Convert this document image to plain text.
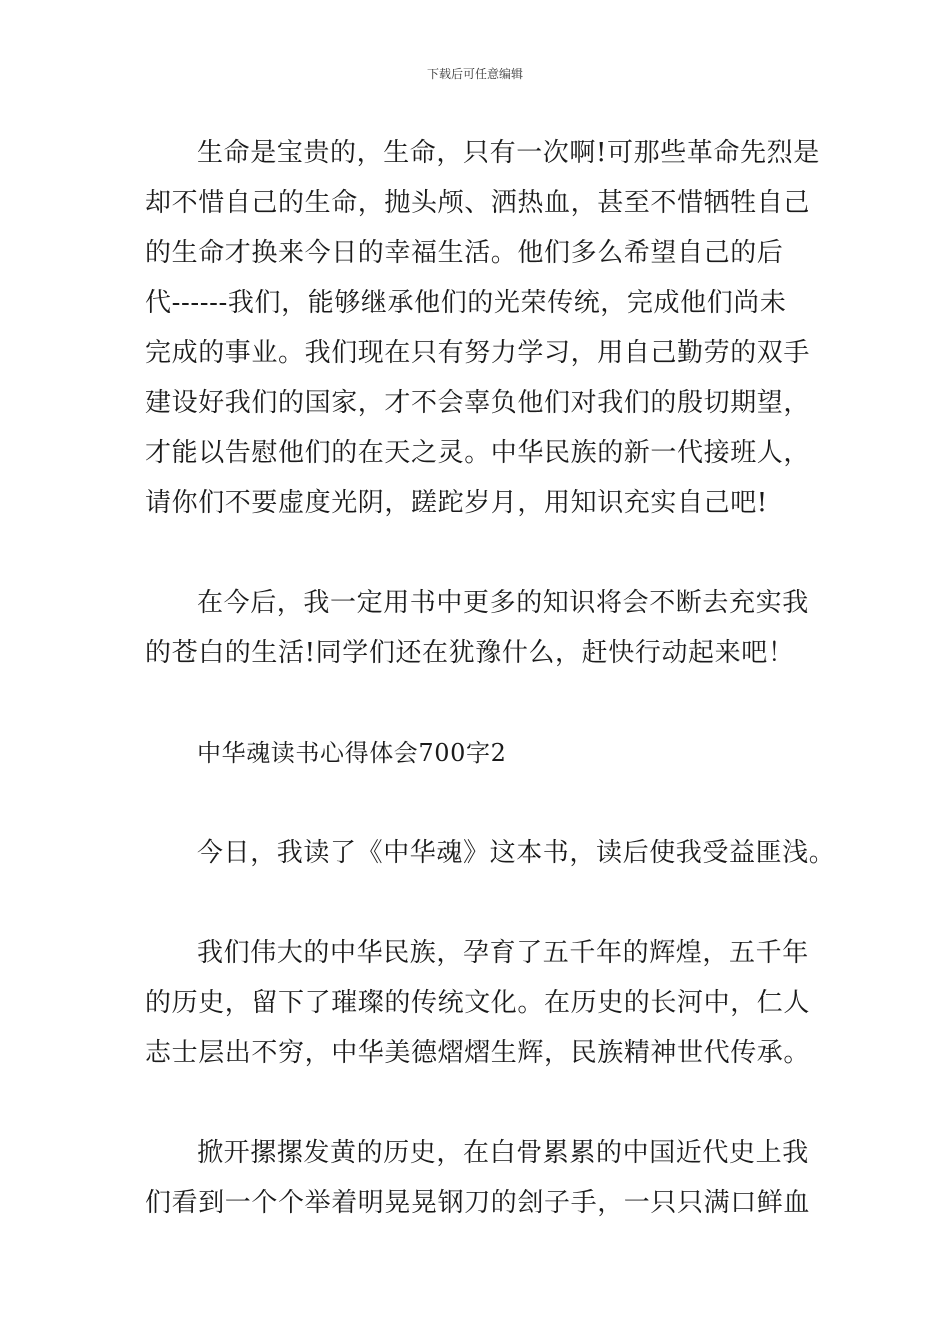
下载后可任意编辑
生命是宝贵的，生命，只有一次啊!可那些革命先烈是
却不惜自己的生命，抛头颅、洒热血，甚至不惜牺牲自己
的生命才换来今日的幸福生活。他们多么希望自己的后
代------我们，能够继承他们的光荣传统，完成他们尚未
完成的事业。我们现在只有努力学习，用自己勤劳的双手
建设好我们的国家，才不会辜负他们对我们的殷切期望，
才能以告慰他们的在天之灵。中华民族的新一代接班人，
请你们不要虚度光阴，蹉跎岁月，用知识充实自己吧!
在今后，我一定用书中更多的知识将会不断去充实我
的苍白的生活!同学们还在犹豫什么，赶快行动起来吧！
中华魂读书心得体会700字2
今日，我读了《中华魂》这本书，读后使我受益匪浅。
我们伟大的中华民族，孕育了五千年的辉煌，五千年
的历史，留下了璀璨的传统文化。在历史的长河中，仁人
志士层出不穷，中华美德熠熠生辉，民族精神世代传承。
掀开摞摞发黄的历史，在白骨累累的中国近代史上我
们看到一个个举着明晃晃钢刀的刽子手，一只只满口鲜血
